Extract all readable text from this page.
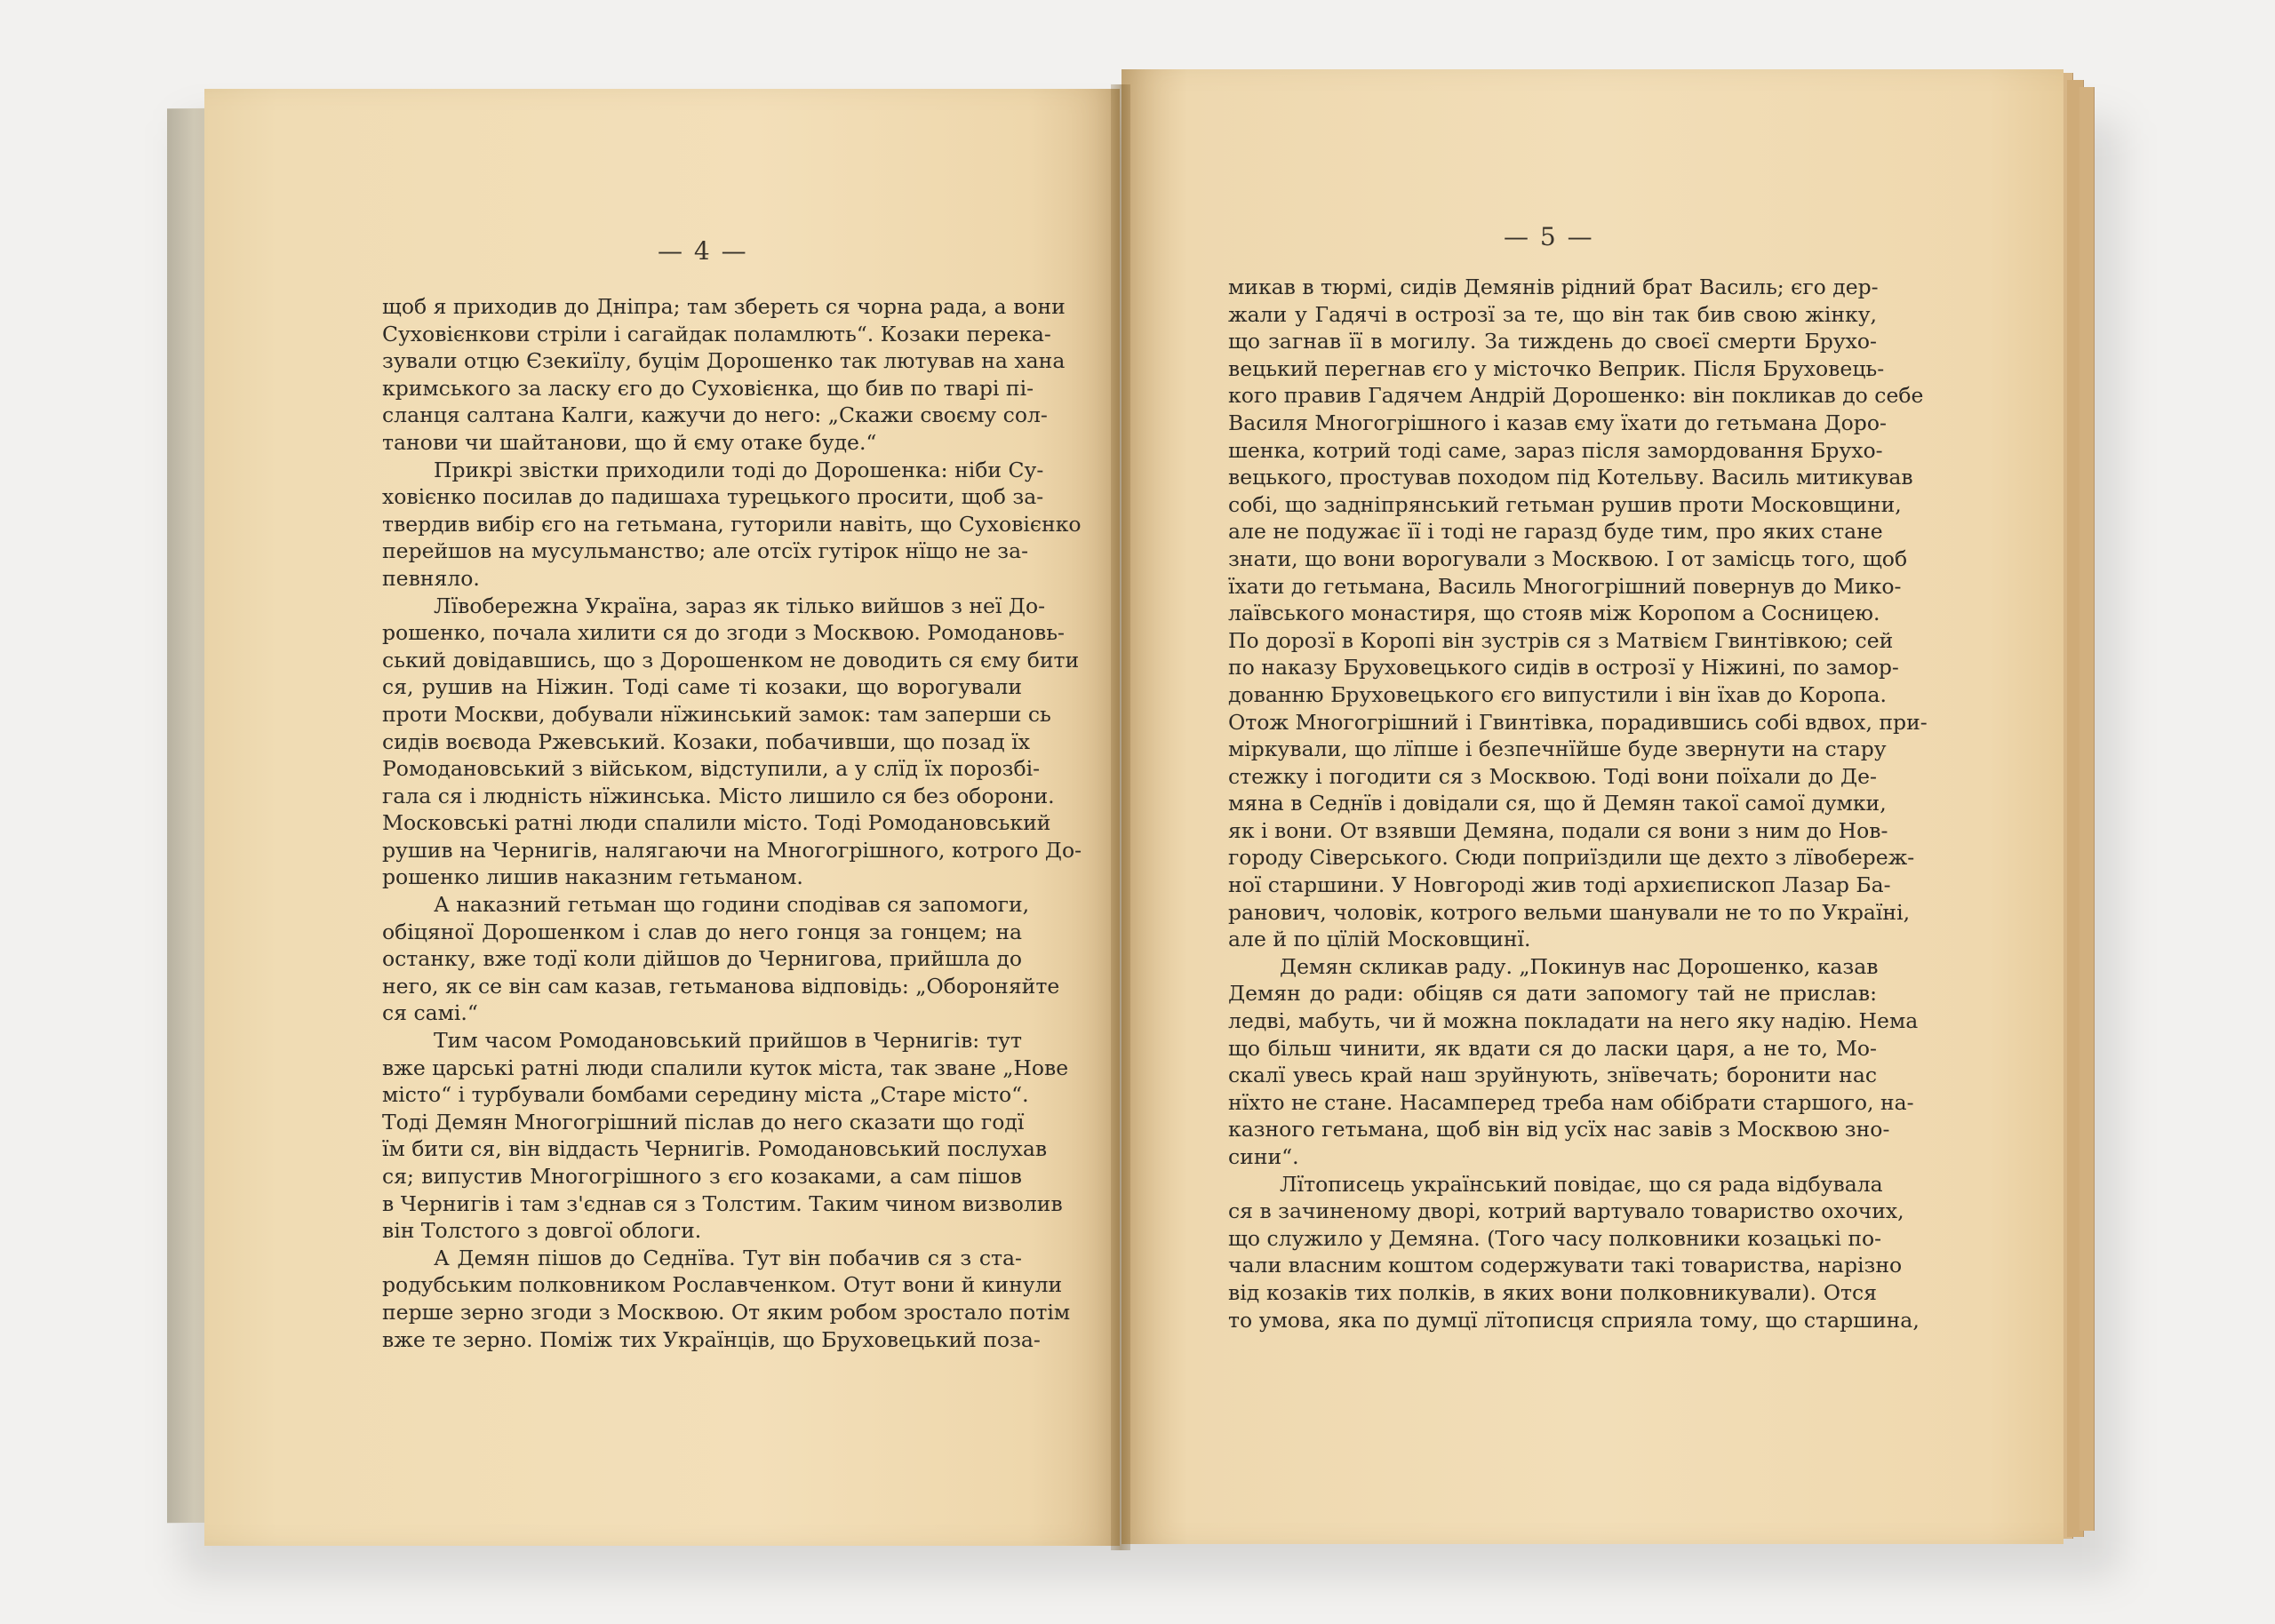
— 4 —	— 5 —
щоб я приходив до Дніпра; там збереть ся чорна рада, а вони
Суховієнкови стріли і сагайдак поламлють“. Козаки перека-
зували отцю Єзекиїлу, буцім Дорошенко так лютував на хана
кримського за ласку єго до Суховієнка, що бив по тварі пі-
сланця салтана Калги, кажучи до него: „Скажи своєму сол-
танови чи шайтанови, що й єму отаке буде.“
Прикрі звістки приходили тоді до Дорошенка: ніби Су-
ховієнко посилав до падишаха турецького просити, щоб за-
твердив вибір єго на гетьмана, гуторили навіть, що Суховієнко
перейшов на мусульманство; але отсїх гутірок нїщо не за-
певняло.
Лївобережна Україна, зараз як тілько вийшов з неї До-
рошенко, почала хилити ся до згоди з Москвою. Ромодановь-
ський довідавшись, що з Дорошенком не доводить ся єму бити
ся, рушив на Ніжин. Тоді саме ті козаки, що ворогували
проти Москви, добували нїжинський замок: там заперши сь
сидів воєвода Ржевський. Козаки, побачивши, що позад їх
Ромодановський з військом, відступили, а у слїд їх порозбі-
гала ся і людність нїжинська. Місто лишило ся без оборони.
Московські ратні люди спалили місто. Тоді Ромодановський
рушив на Чернигів, налягаючи на Многогрішного, котрого До-
рошенко лишив наказним гетьманом.
А наказний гетьман що години сподівав ся запомоги,
обіцяної Дорошенком і слав до него гонця за гонцем; на
останку, вже тодї коли дійшов до Чернигова, прийшла до
него, як се він сам казав, гетьманова відповідь: „Обороняйте
ся самі.“
Тим часом Ромодановський прийшов в Чернигів: тут
вже царські ратні люди спалили куток міста, так зване „Нове
місто“ і турбували бомбами середину міста „Старе місто“.
Тоді Демян Многогрішний післав до него сказати що годї
їм бити ся, він віддасть Чернигів. Ромодановський послухав
ся; випустив Многогрішного з єго козаками, а сам пішов
в Чернигів і там з'єднав ся з Толстим. Таким чином визволив
він Толстого з довгої облоги.
А Демян пішов до Седнїва. Тут він побачив ся з ста-
родубським полковником Рославченком. Отут вони й кинули
перше зерно згоди з Москвою. От яким робом зростало потім
вже те зерно. Поміж тих Українців, що Бруховецький поза-
микав в тюрмі, сидів Демянів рідний брат Василь; єго дер-
жали у Гадячі в острозї за те, що він так бив свою жінку,
що загнав її в могилу. За тиждень до своєї смерти Брухо-
вецький перегнав єго у місточко Веприк. Після Бруховець-
кого правив Гадячем Андрій Дорошенко: він покликав до себе
Василя Многогрішного і казав єму їхати до гетьмана Доро-
шенка, котрий тоді саме, зараз після замордовання Брухо-
вецького, простував походом під Котельву. Василь митикував
собі, що задніпрянський гетьман рушив проти Московщини,
але не подужає її і тоді не гаразд буде тим, про яких стане
знати, що вони ворогували з Москвою. І от замісць того, щоб
їхати до гетьмана, Василь Многогрішний повернув до Мико-
лаївського монастиря, що стояв між Коропом а Сосницею.
По дорозї в Коропі він зустрів ся з Матвієм Гвинтівкою; сей
по наказу Бруховецького сидів в острозї у Ніжині, по замор-
дованню Бруховецького єго випустили і він їхав до Коропа.
Отож Многогрішний і Гвинтівка, порадившись собі вдвох, при-
міркували, що лїпше і безпечнїйше буде звернути на стару
стежку і погодити ся з Москвою. Тоді вони поїхали до Де-
мяна в Седнїв і довідали ся, що й Демян такої самої думки,
як і вони. От взявши Демяна, подали ся вони з ним до Нов-
городу Сіверського. Сюди поприїздили ще дехто з лївобереж-
ної старшини. У Новгороді жив тоді архиєпископ Лазар Ба-
ранович, чоловік, котрого вельми шанували не то по Україні,
але й по цїлій Московщинї.
Демян скликав раду. „Покинув нас Дорошенко, казав
Демян до ради: обіцяв ся дати запомогу тай не прислав:
ледві, мабуть, чи й можна покладати на него яку надію. Нема
що більш чинити, як вдати ся до ласки царя, а не то, Мо-
скалї увесь край наш зруйнують, знївечать; боронити нас
нїхто не стане. Насамперед треба нам обібрати старшого, на-
казного гетьмана, щоб він від усїх нас завів з Москвою зно-
сини“.
Лїтописець український повідає, що ся рада відбувала
ся в зачиненому дворі, котрий вартувало товариство охочих,
що служило у Демяна. (Того часу полковники козацькі по-
чали власним коштом содержувати такі товариства, нарізно
від козаків тих полків, в яких вони полковникували). Отся
то умова, яка по думцї лїтописця сприяла тому, що старшина,
